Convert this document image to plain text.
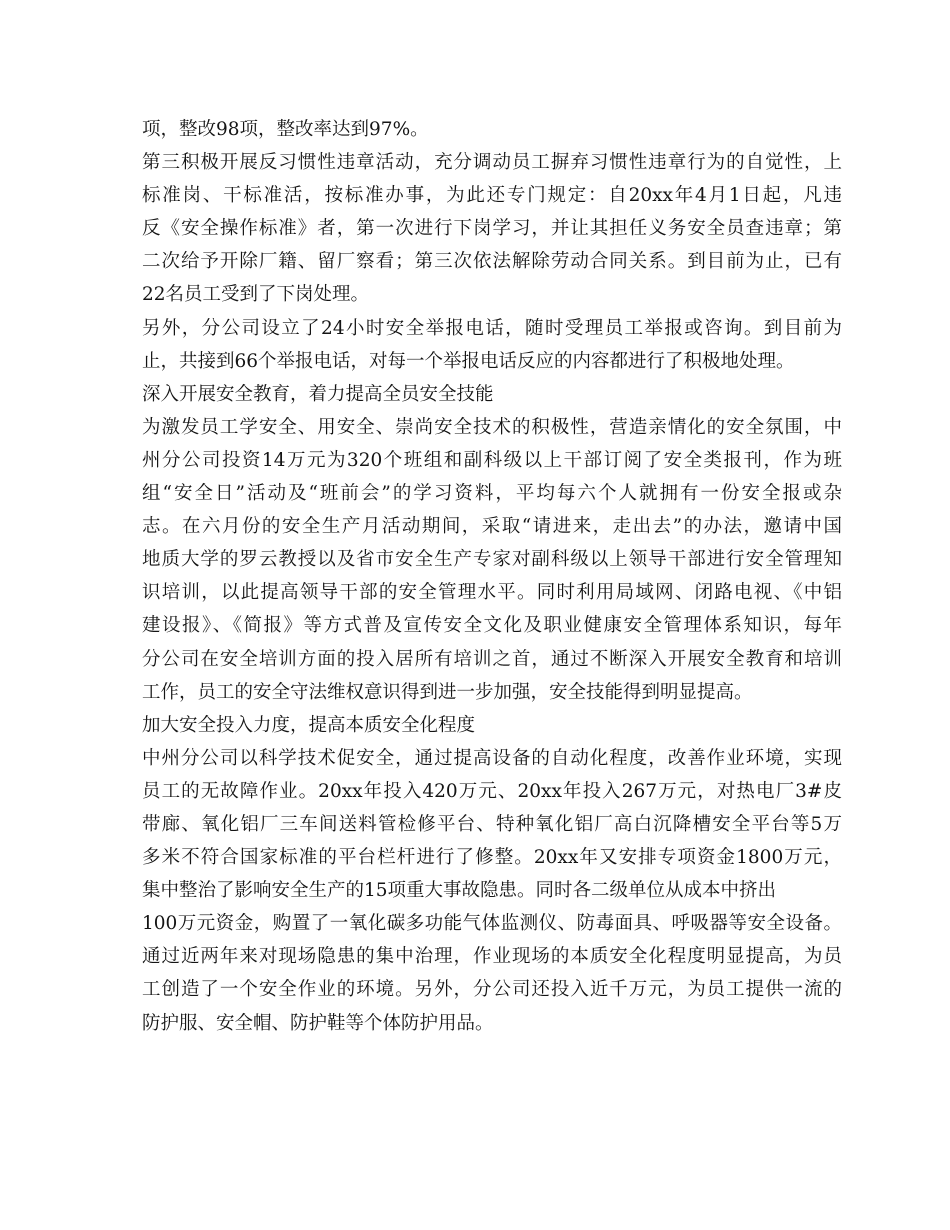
项，整改98项，整改率达到97%。
第三积极开展反习惯性违章活动，充分调动员工摒弃习惯性违章行为的自觉性，上
标准岗、干标准活，按标准办事，为此还专门规定：自20xx年4月1日起，凡违
反《安全操作标准》者，第一次进行下岗学习，并让其担任义务安全员查违章；第
二次给予开除厂籍、留厂察看；第三次依法解除劳动合同关系。到目前为止，已有
22名员工受到了下岗处理。
另外，分公司设立了24小时安全举报电话，随时受理员工举报或咨询。到目前为
止，共接到66个举报电话，对每一个举报电话反应的内容都进行了积极地处理。
深入开展安全教育，着力提高全员安全技能
为激发员工学安全、用安全、崇尚安全技术的积极性，营造亲情化的安全氛围，中
州分公司投资14万元为320个班组和副科级以上干部订阅了安全类报刊，作为班
组“安全日”活动及“班前会”的学习资料，平均每六个人就拥有一份安全报或杂
志。在六月份的安全生产月活动期间，采取“请进来，走出去”的办法，邀请中国
地质大学的罗云教授以及省市安全生产专家对副科级以上领导干部进行安全管理知
识培训，以此提高领导干部的安全管理水平。同时利用局域网、闭路电视、《中铝
建设报》、《简报》等方式普及宣传安全文化及职业健康安全管理体系知识，每年
分公司在安全培训方面的投入居所有培训之首，通过不断深入开展安全教育和培训
工作，员工的安全守法维权意识得到进一步加强，安全技能得到明显提高。
加大安全投入力度，提高本质安全化程度
中州分公司以科学技术促安全，通过提高设备的自动化程度，改善作业环境，实现
员工的无故障作业。20xx年投入420万元、20xx年投入267万元，对热电厂3#皮
带廊、氧化铝厂三车间送料管检修平台、特种氧化铝厂高白沉降槽安全平台等5万
多米不符合国家标准的平台栏杆进行了修整。20xx年又安排专项资金1800万元，
集中整治了影响安全生产的15项重大事故隐患。同时各二级单位从成本中挤出
100万元资金，购置了一氧化碳多功能气体监测仪、防毒面具、呼吸器等安全设备。
通过近两年来对现场隐患的集中治理，作业现场的本质安全化程度明显提高，为员
工创造了一个安全作业的环境。另外，分公司还投入近千万元，为员工提供一流的
防护服、安全帽、防护鞋等个体防护用品。
